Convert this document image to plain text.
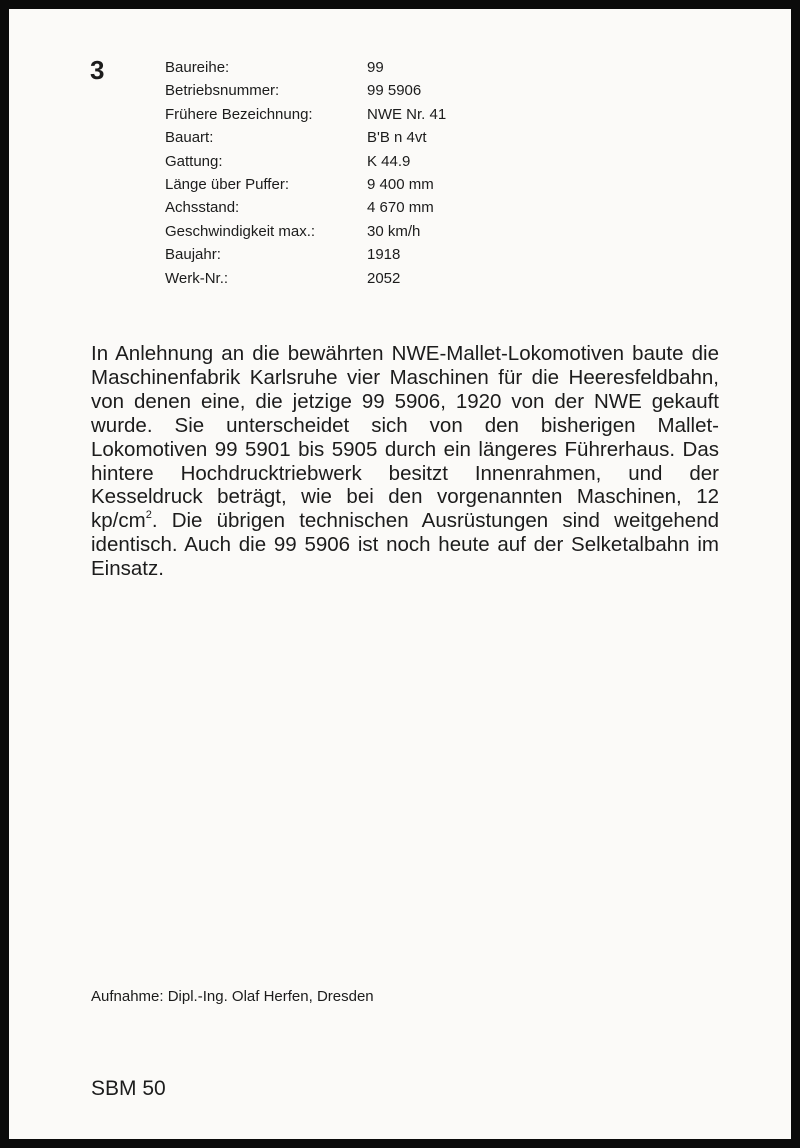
3	Baureihe:	99
Betriebsnummer:	99 5906
Frühere Bezeichnung:	NWE Nr. 41
Bauart:	B'B n 4vt
Gattung:	K 44.9
Länge über Puffer:	9 400 mm
Achsstand:	4 670 mm
Geschwindigkeit max.:	30 km/h
Baujahr:	1918
Werk-Nr.:	2052

In Anlehnung an die bewährten NWE-Mallet-Lokomotiven baute die Maschinenfabrik Karlsruhe vier Maschinen für die Heeresfeldbahn, von denen eine, die jetzige 99 5906, 1920 von der NWE gekauft wurde. Sie unterscheidet sich von den bisherigen Mallet-Lokomotiven 99 5901 bis 5905 durch ein längeres Führerhaus. Das hintere Hochdrucktriebwerk besitzt Innenrahmen, und der Kesseldruck beträgt, wie bei den vorgenannten Maschinen, 12 $kp/cm^2$. Die übrigen technischen Ausrüstungen sind weitgehend identisch. Auch die 99 5906 ist noch heute auf der Selketalbahn im Einsatz.

Aufnahme: Dipl.-Ing. Olaf Herfen, Dresden
SBM 50
